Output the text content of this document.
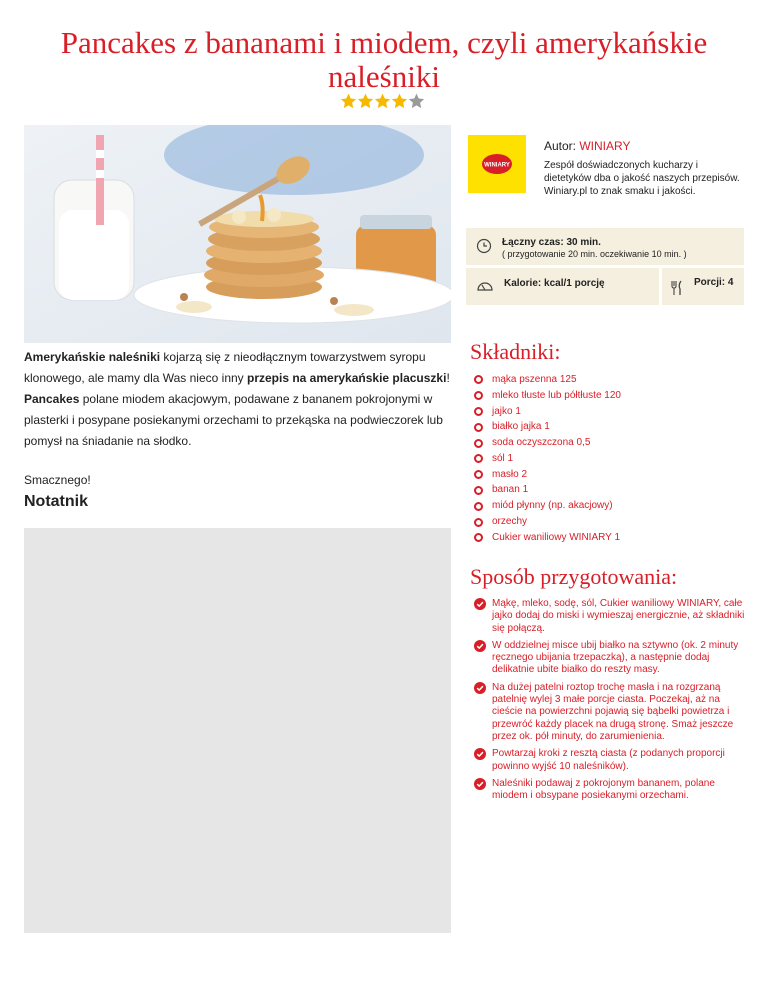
Pancakes z bananami i miodem, czyli amerykańskie naleśniki

Amerykańskie naleśniki kojarzą się z nieodłącznym towarzystwem syropu klonowego, ale mamy dla Was nieco inny przepis na amerykańskie placuszki!
Pancakes polane miodem akacjowym, podawane z bananem pokrojonymi w plasterki i posypane posiekanymi orzechami to przekąska na podwieczorek lub pomysł na śniadanie na słodko.

Smacznego!

Notatnik
WINIARY
Autor: WINIARY
Zespół doświadczonych kucharzy i dietetyków dba o jakość naszych przepisów. Winiary.pl to znak smaku i jakości.
Łączny czas: 30 min.
( przygotowanie 20 min. oczekiwanie 10 min. )
Kalorie: kcal/1 porcję	Porcji: 4
Składniki:
mąka pszenna 125
mleko tłuste lub półtłuste 120
jajko 1
białko jajka 1
soda oczyszczona 0,5
sól 1
masło 2
banan 1
miód płynny (np. akacjowy)
orzechy
Cukier waniliowy WINIARY 1
Sposób przygotowania:
Mąkę, mleko, sodę, sól, Cukier waniliowy WINIARY, całe jajko dodaj do miski i wymieszaj energicznie, aż składniki się połączą.
W oddzielnej misce ubij białko na sztywno (ok. 2 minuty ręcznego ubijania trzepaczką), a następnie dodaj delikatnie ubite białko do reszty masy.
Na dużej patelni roztop trochę masła i na rozgrzaną patelnię wylej 3 małe porcje ciasta. Poczekaj, aż na cieście na powierzchni pojawią się bąbelki powietrza i przewróć każdy placek na drugą stronę. Smaż jeszcze przez ok. pół minuty, do zarumienienia.
Powtarzaj kroki z resztą ciasta (z podanych proporcji powinno wyjść 10 naleśników).
Naleśniki podawaj z pokrojonym bananem, polane miodem i obsypane posiekanymi orzechami.
